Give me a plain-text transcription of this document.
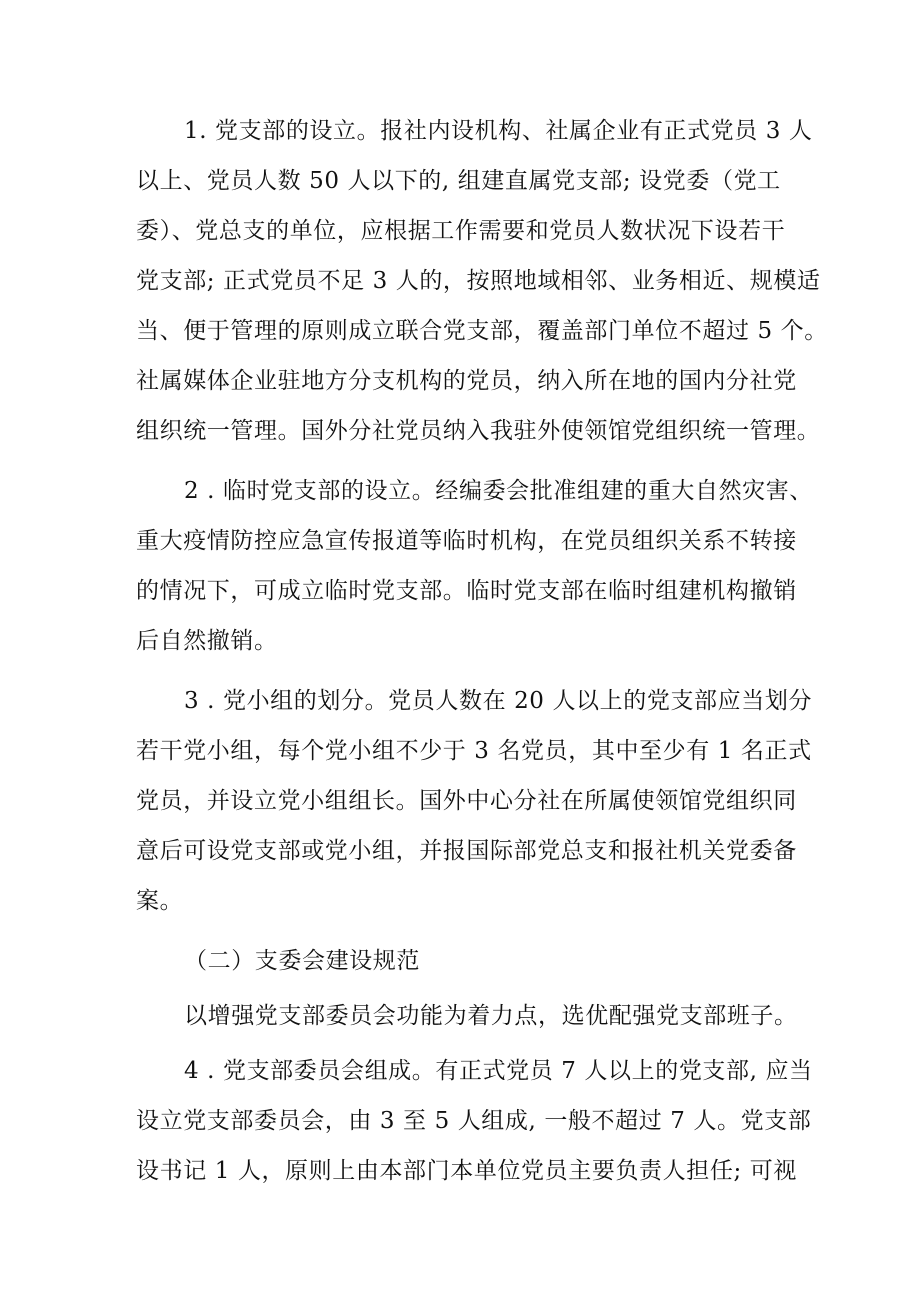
1. 党支部的设立。报社内设机构、社属企业有正式党员 3 人
以上、党员人数 50 人以下的, 组建直属党支部; 设党委（党工
委）、党总支的单位，应根据工作需要和党员人数状况下设若干
党支部; 正式党员不足 3 人的，按照地域相邻、业务相近、规模适
当、便于管理的原则成立联合党支部，覆盖部门单位不超过 5 个。
社属媒体企业驻地方分支机构的党员，纳入所在地的国内分社党
组织统一管理。国外分社党员纳入我驻外使领馆党组织统一管理。
2 . 临时党支部的设立。经编委会批准组建的重大自然灾害、
重大疫情防控应急宣传报道等临时机构，在党员组织关系不转接
的情况下，可成立临时党支部。临时党支部在临时组建机构撤销
后自然撤销。
3 . 党小组的划分。党员人数在 20 人以上的党支部应当划分
若干党小组，每个党小组不少于 3 名党员，其中至少有 1 名正式
党员，并设立党小组组长。国外中心分社在所属使领馆党组织同
意后可设党支部或党小组，并报国际部党总支和报社机关党委备
案。
（二）支委会建设规范
以增强党支部委员会功能为着力点，选优配强党支部班子。
4 . 党支部委员会组成。有正式党员 7 人以上的党支部, 应当
设立党支部委员会，由 3 至 5 人组成, 一般不超过 7 人。党支部
设书记 1 人，原则上由本部门本单位党员主要负责人担任; 可视
